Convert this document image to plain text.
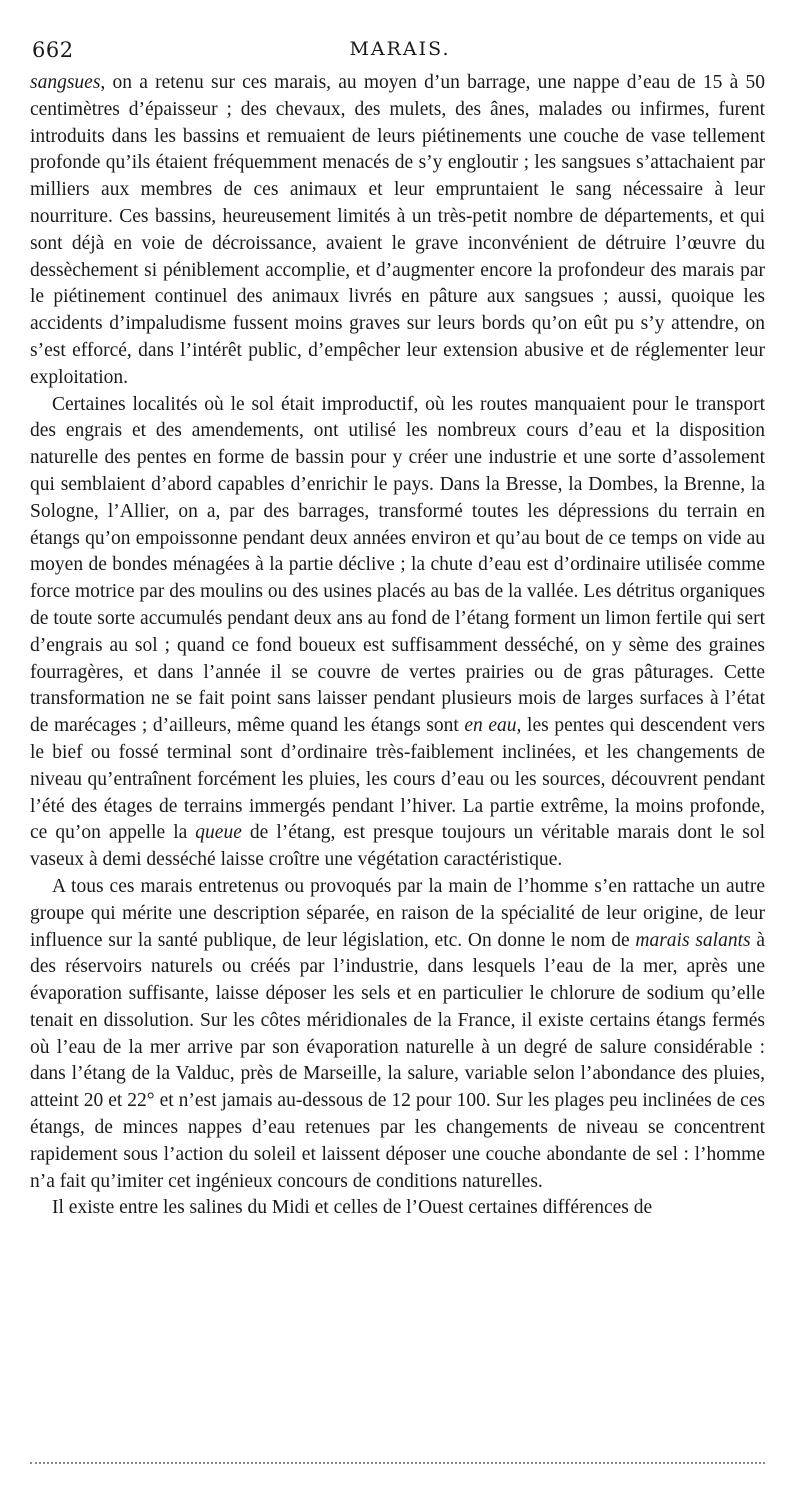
662	MARAIS.

sangsues, on a retenu sur ces marais, au moyen d’un barrage, une nappe d’eau de 15 à 50 centimètres d’épaisseur ; des chevaux, des mulets, des ânes, malades ou infirmes, furent introduits dans les bassins et remuaient de leurs piétinements une couche de vase tellement profonde qu’ils étaient fréquemment menacés de s’y engloutir ; les sangsues s’attachaient par milliers aux membres de ces animaux et leur empruntaient le sang nécessaire à leur nourriture. Ces bassins, heureusement limités à un très-petit nombre de départements, et qui sont déjà en voie de décroissance, avaient le grave inconvénient de détruire l’œuvre du dessèchement si péniblement accomplie, et d’augmenter encore la profondeur des marais par le piétinement continuel des animaux livrés en pâture aux sangsues ; aussi, quoique les accidents d’impaludisme fussent moins graves sur leurs bords qu’on eût pu s’y attendre, on s’est efforcé, dans l’intérêt public, d’empêcher leur extension abusive et de réglementer leur exploitation.

Certaines localités où le sol était improductif, où les routes manquaient pour le transport des engrais et des amendements, ont utilisé les nombreux cours d’eau et la disposition naturelle des pentes en forme de bassin pour y créer une industrie et une sorte d’assolement qui semblaient d’abord capables d’enrichir le pays. Dans la Bresse, la Dombes, la Brenne, la Sologne, l’Allier, on a, par des barrages, transformé toutes les dépressions du terrain en étangs qu’on empoissonne pendant deux années environ et qu’au bout de ce temps on vide au moyen de bondes ménagées à la partie déclive ; la chute d’eau est d’ordinaire utilisée comme force motrice par des moulins ou des usines placés au bas de la vallée. Les détritus organiques de toute sorte accumulés pendant deux ans au fond de l’étang forment un limon fertile qui sert d’engrais au sol ; quand ce fond boueux est suffisamment desséché, on y sème des graines fourragères, et dans l’année il se couvre de vertes prairies ou de gras pâturages. Cette transformation ne se fait point sans laisser pendant plusieurs mois de larges surfaces à l’état de marécages ; d’ailleurs, même quand les étangs sont en eau, les pentes qui descendent vers le bief ou fossé terminal sont d’ordinaire très-faiblement inclinées, et les changements de niveau qu’entraînent forcément les pluies, les cours d’eau ou les sources, découvrent pendant l’été des étages de terrains immergés pendant l’hiver. La partie extrême, la moins profonde, ce qu’on appelle la queue de l’étang, est presque toujours un véritable marais dont le sol vaseux à demi desséché laisse croître une végétation caractéristique.

A tous ces marais entretenus ou provoqués par la main de l’homme s’en rattache un autre groupe qui mérite une description séparée, en raison de la spécialité de leur origine, de leur influence sur la santé publique, de leur législation, etc. On donne le nom de marais salants à des réservoirs naturels ou créés par l’industrie, dans lesquels l’eau de la mer, après une évaporation suffisante, laisse déposer les sels et en particulier le chlorure de sodium qu’elle tenait en dissolution. Sur les côtes méridionales de la France, il existe certains étangs fermés où l’eau de la mer arrive par son évaporation naturelle à un degré de salure considérable : dans l’étang de la Valduc, près de Marseille, la salure, variable selon l’abondance des pluies, atteint 20 et 22° et n’est jamais au-dessous de 12 pour 100. Sur les plages peu inclinées de ces étangs, de minces nappes d’eau retenues par les changements de niveau se concentrent rapidement sous l’action du soleil et laissent déposer une couche abondante de sel : l’homme n’a fait qu’imiter cet ingénieux concours de conditions naturelles.

Il existe entre les salines du Midi et celles de l’Ouest certaines différences de
